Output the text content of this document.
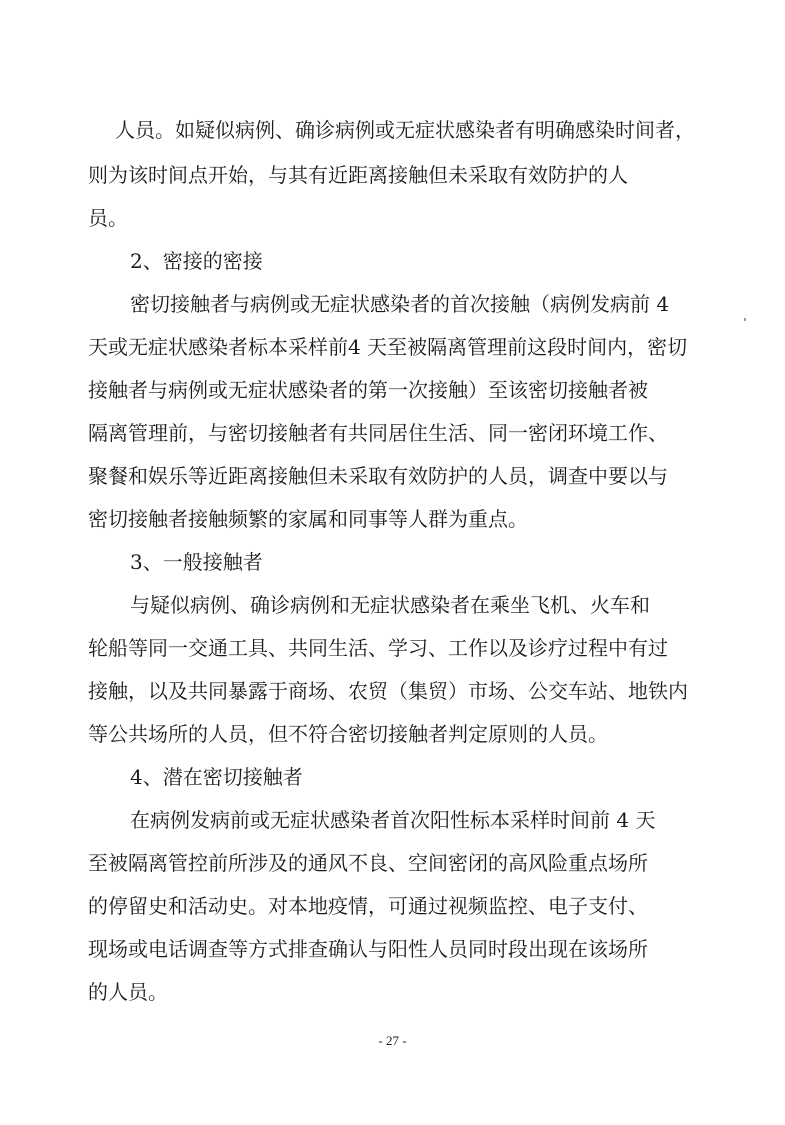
人员。如疑似病例、确诊病例或无症状感染者有明确感染时间者，
则为该时间点开始，与其有近距离接触但未采取有效防护的人
员。
2、密接的密接
密切接触者与病例或无症状感染者的首次接触（病例发病前 4
天或无症状感染者标本采样前4 天至被隔离管理前这段时间内，密切
接触者与病例或无症状感染者的第一次接触）至该密切接触者被
隔离管理前，与密切接触者有共同居住生活、同一密闭环境工作、
聚餐和娱乐等近距离接触但未采取有效防护的人员，调查中要以与
密切接触者接触频繁的家属和同事等人群为重点。
3、一般接触者
与疑似病例、确诊病例和无症状感染者在乘坐飞机、火车和
轮船等同一交通工具、共同生活、学习、工作以及诊疗过程中有过
接触，以及共同暴露于商场、农贸（集贸）市场、公交车站、地铁内
等公共场所的人员，但不符合密切接触者判定原则的人员。
4、潜在密切接触者
在病例发病前或无症状感染者首次阳性标本采样时间前 4 天
至被隔离管控前所涉及的通风不良、空间密闭的高风险重点场所
的停留史和活动史。对本地疫情，可通过视频监控、电子支付、
现场或电话调查等方式排查确认与阳性人员同时段出现在该场所
的人员。
- 27 -
